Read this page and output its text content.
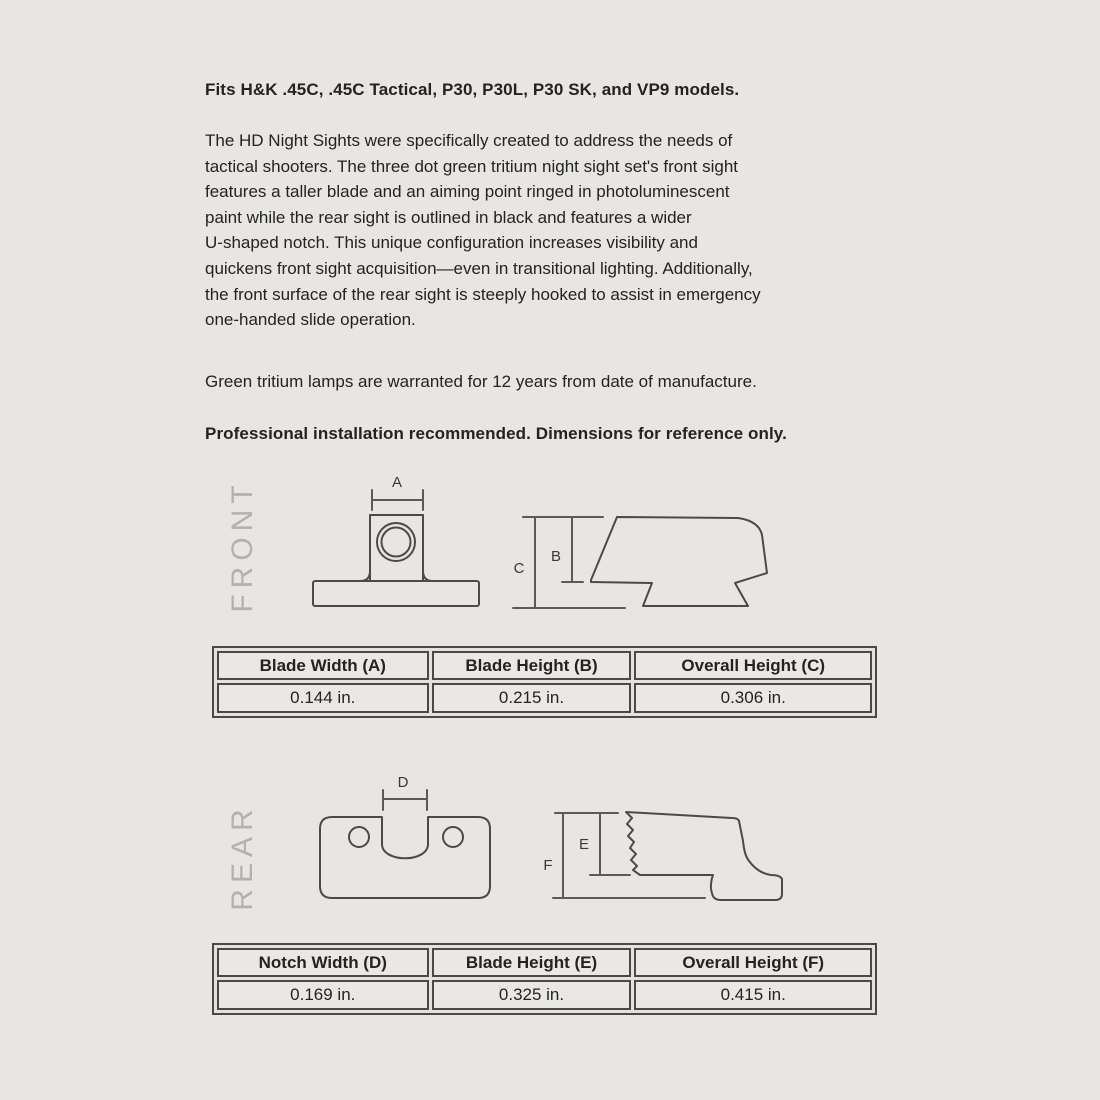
Fits H&K .45C, .45C Tactical, P30, P30L, P30 SK, and VP9 models.
The HD Night Sights were specifically created to address the needs of
tactical shooters. The three dot green tritium night sight set's front sight
features a taller blade and an aiming point ringed in photoluminescent
paint while the rear sight is outlined in black and features a wider
U-shaped notch. This unique configuration increases visibility and
quickens front sight acquisition—even in transitional lighting. Additionally,
the front surface of the rear sight is steeply hooked to assist in emergency
one-handed slide operation.
Green tritium lamps are warranted for 12 years from date of manufacture.
Professional installation recommended. Dimensions for reference only.
FRONT	A
C
B
Blade Width (A)	Blade Height (B)	Overall Height (C)
0.144 in.	0.215 in.	0.306 in.
REAR
D
F
E
Notch Width (D)	Blade Height (E)	Overall Height (F)
0.169 in.	0.325 in.	0.415 in.
